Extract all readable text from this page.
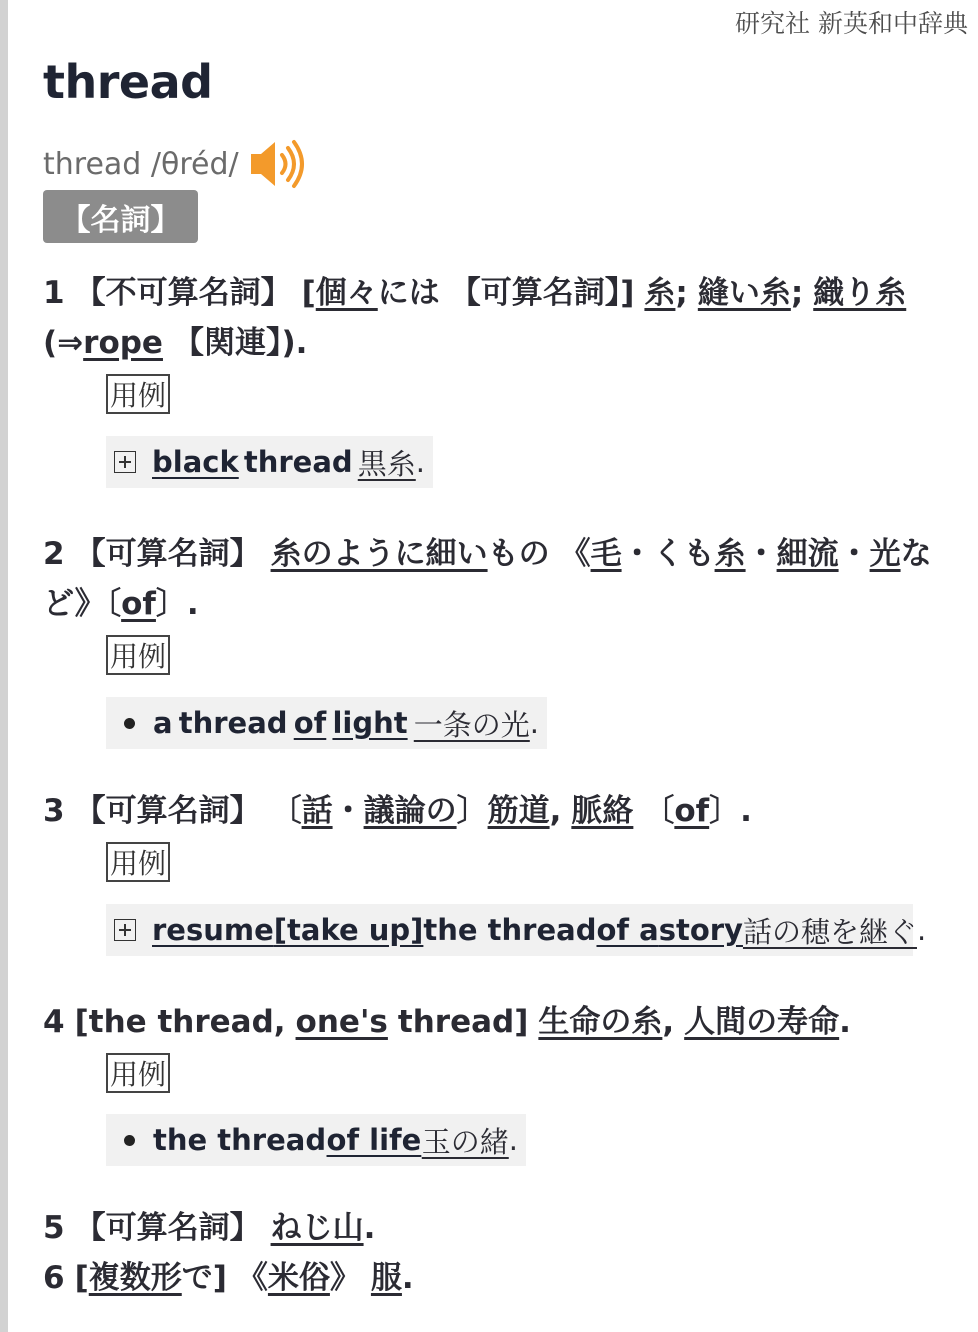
研究社 新英和中辞典
thread
thread /θréd/
【名詞】
1 【不可算名詞】 [個々には 【可算名詞】] 糸; 縫い糸; 織り糸(⇒rope 【関連】).
用例
black thread 黒糸 .
2 【可算名詞】 糸のように細いもの 《毛・くも糸・細流・光など》〔of〕.
用例
a thread of light 一条の光 .
3 【可算名詞】 〔話・議論の〕筋道, 脈絡 〔of〕.
用例
resume [take up] the thread of a story 話の穂を継ぐ .
4 [the thread, one's thread] 生命の糸, 人間の寿命.
用例
the thread of life 玉の緒 .
5 【可算名詞】 ねじ山.
6 [複数形で] 《米俗》 服.
